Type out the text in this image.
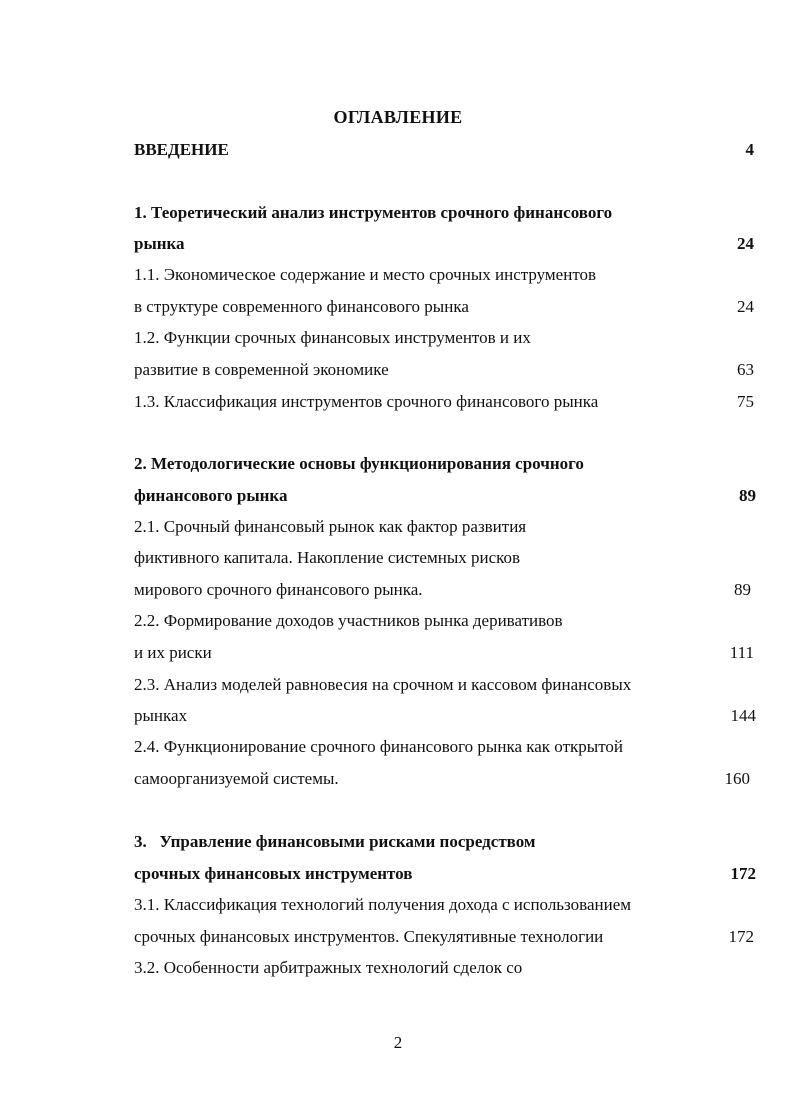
ОГЛАВЛЕНИЕ
ВВЕДЕНИЕ	4
1. Теоретический анализ инструментов срочного финансового
рынка	24
1.1. Экономическое содержание и место срочных инструментов
в структуре современного финансового рынка	24
1.2. Функции срочных финансовых инструментов и их
развитие в современной экономике	63
1.3. Классификация инструментов срочного финансового рынка	75
2. Методологические основы функционирования срочного
финансового рынка	89
2.1. Срочный финансовый рынок как фактор развития
фиктивного капитала. Накопление системных рисков
мирового срочного финансового рынка.	89
2.2. Формирование доходов участников рынка деривативов
и их риски	111
2.3. Анализ моделей равновесия на срочном и кассовом финансовых
рынках	144
2.4. Функционирование срочного финансового рынка как открытой
самоорганизуемой системы.	160
3.   Управление финансовыми рисками посредством
срочных финансовых инструментов	172
3.1. Классификация технологий получения дохода с использованием
срочных финансовых инструментов. Спекулятивные технологии	172
3.2. Особенности арбитражных технологий сделок со
2
